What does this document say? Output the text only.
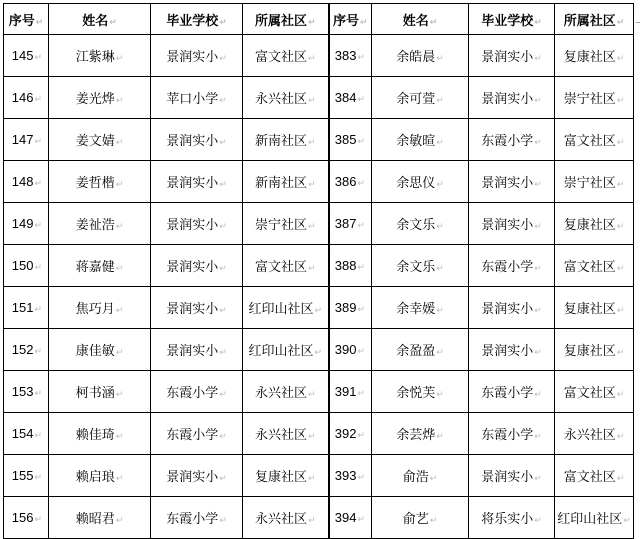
序号↵	姓名↵	毕业学校↵	所属社区↵	序号↵	姓名↵	毕业学校↵	所属社区↵
145↵	江紫琳↵	景润实小↵	富文社区↵	383↵	余皓晨↵	景润实小↵	复康社区↵
146↵	姜光烨↵	苹口小学↵	永兴社区↵	384↵	余可萱↵	景润实小↵	崇宁社区↵
147↵	姜文婧↵	景润实小↵	新南社区↵	385↵	余敏暄↵	东霞小学↵	富文社区↵
148↵	姜哲楷↵	景润实小↵	新南社区↵	386↵	余思仪↵	景润实小↵	崇宁社区↵
149↵	姜祉浩↵	景润实小↵	崇宁社区↵	387↵	余文乐↵	景润实小↵	复康社区↵
150↵	蒋嘉健↵	景润实小↵	富文社区↵	388↵	余文乐↵	东霞小学↵	富文社区↵
151↵	焦巧月↵	景润实小↵	红印山社区↵	389↵	余幸媛↵	景润实小↵	复康社区↵
152↵	康佳敏↵	景润实小↵	红印山社区↵	390↵	余盈盈↵	景润实小↵	复康社区↵
153↵	柯书涵↵	东霞小学↵	永兴社区↵	391↵	余悦芙↵	东霞小学↵	富文社区↵
154↵	赖佳琦↵	东霞小学↵	永兴社区↵	392↵	余芸烨↵	东霞小学↵	永兴社区↵
155↵	赖启琅↵	景润实小↵	复康社区↵	393↵	俞浩↵	景润实小↵	富文社区↵
156↵	赖昭君↵	东霞小学↵	永兴社区↵	394↵	俞艺↵	将乐实小↵	红印山社区↵
